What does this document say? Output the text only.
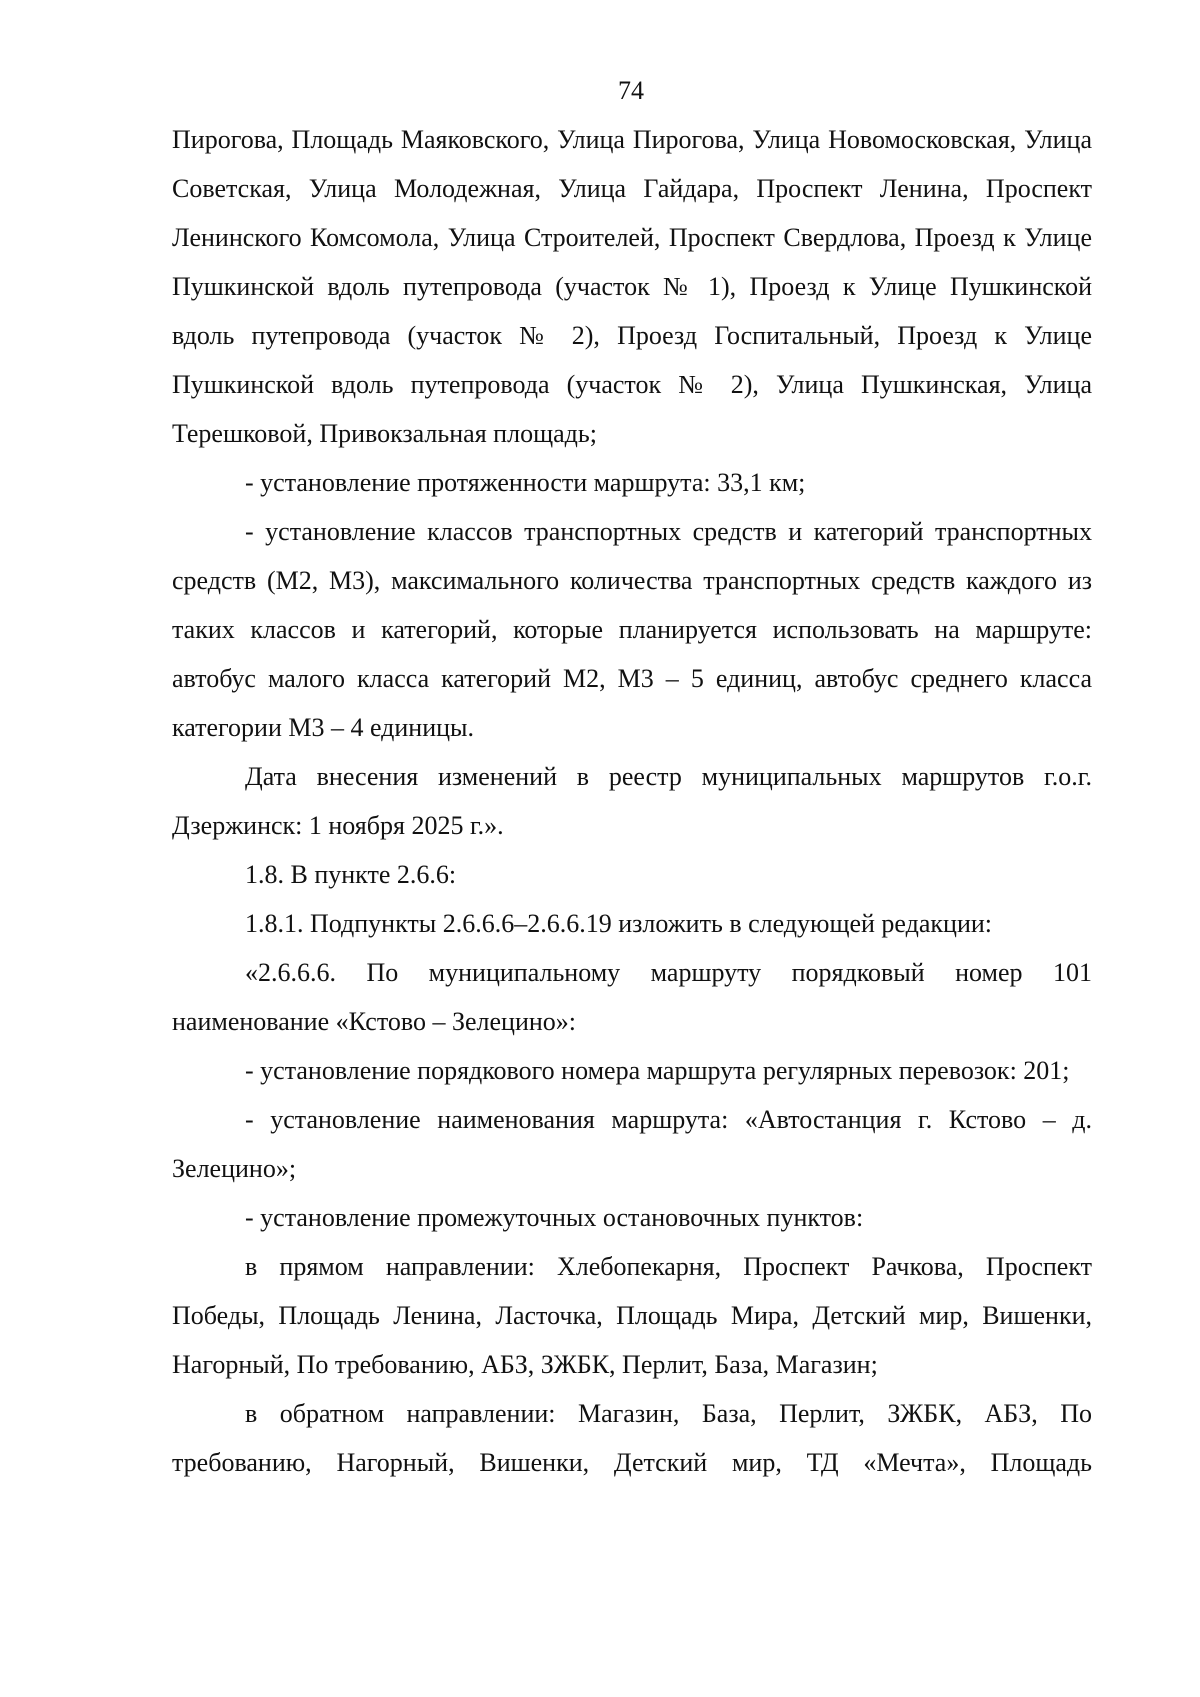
74

Пирогова, Площадь Маяковского, Улица Пирогова, Улица Новомосковская, Улица Советская, Улица Молодежная, Улица Гайдара, Проспект Ленина, Проспект Ленинского Комсомола, Улица Строителей, Проспект Свердлова, Проезд к Улице Пушкинской вдоль путепровода (участок № 1), Проезд к Улице Пушкинской вдоль путепровода (участок № 2), Проезд Госпитальный, Проезд к Улице Пушкинской вдоль путепровода (участок № 2), Улица Пушкинская, Улица Терешковой, Привокзальная площадь;

- установление протяженности маршрута: 33,1 км;

- установление классов транспортных средств и категорий транспортных средств (М2, М3), максимального количества транспортных средств каждого из таких классов и категорий, которые планируется использовать на маршруте: автобус малого класса категорий М2, М3 – 5 единиц, автобус среднего класса категории М3 – 4 единицы.

Дата внесения изменений в реестр муниципальных маршрутов г.о.г. Дзержинск: 1 ноября 2025 г.».

1.8. В пункте 2.6.6:

1.8.1. Подпункты 2.6.6.6–2.6.6.19 изложить в следующей редакции:

«2.6.6.6. По муниципальному маршруту порядковый номер 101 наименование «Кстово – Зелецино»:

- установление порядкового номера маршрута регулярных перевозок: 201;

- установление наименования маршрута: «Автостанция г. Кстово – д. Зелецино»;

- установление промежуточных остановочных пунктов:

в прямом направлении: Хлебопекарня, Проспект Рачкова, Проспект Победы, Площадь Ленина, Ласточка, Площадь Мира, Детский мир, Вишенки, Нагорный, По требованию, АБЗ, ЗЖБК, Перлит, База, Магазин;

в обратном направлении: Магазин, База, Перлит, ЗЖБК, АБЗ, По требованию, Нагорный, Вишенки, Детский мир, ТД «Мечта», Площадь
